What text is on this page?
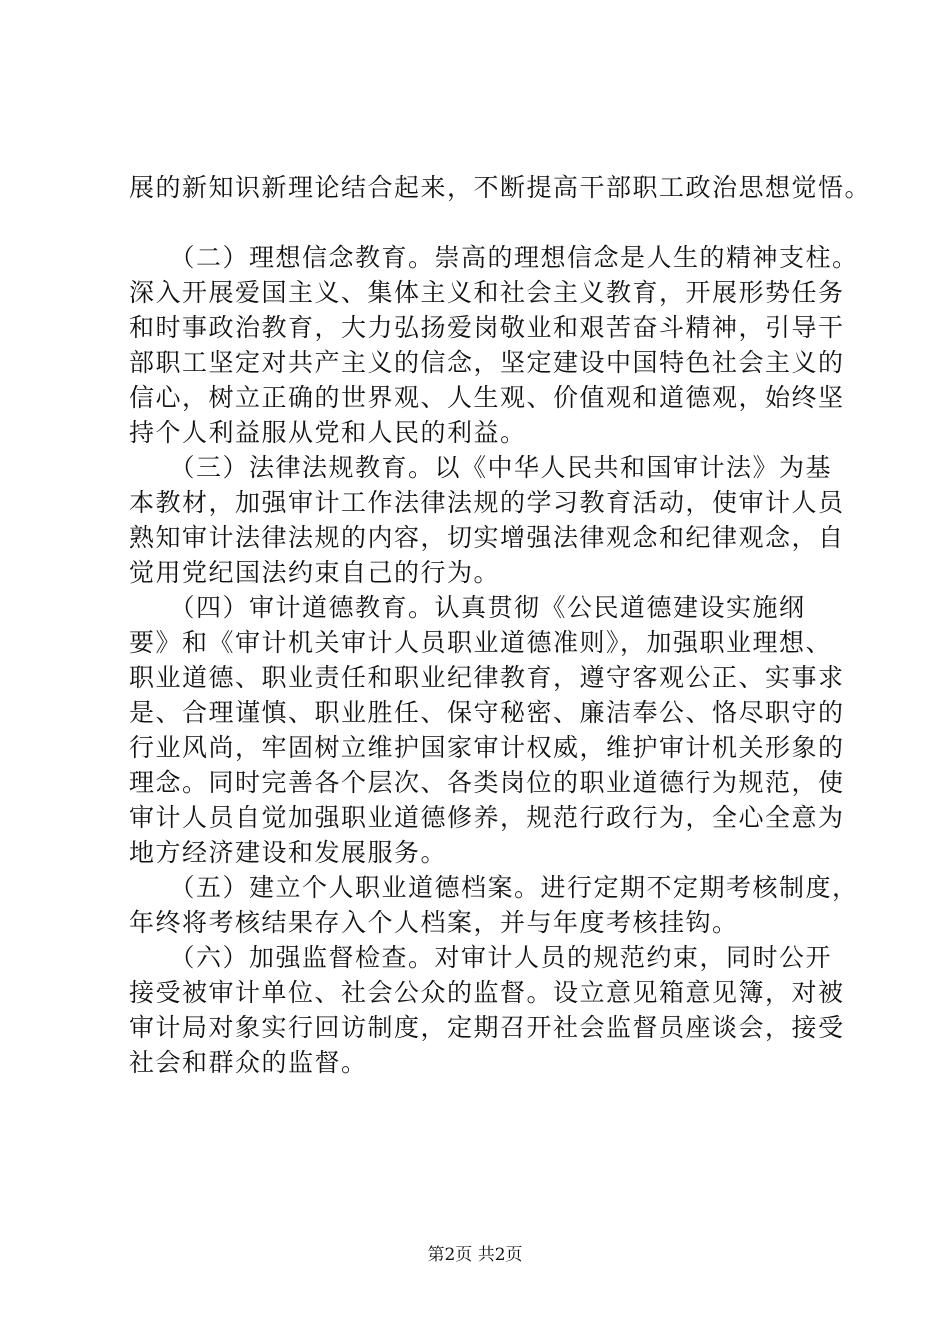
展的新知识新理论结合起来，不断提高干部职工政治思想觉悟。
　　（二）理想信念教育。崇高的理想信念是人生的精神支柱。
深入开展爱国主义、集体主义和社会主义教育，开展形势任务
和时事政治教育，大力弘扬爱岗敬业和艰苦奋斗精神，引导干
部职工坚定对共产主义的信念，坚定建设中国特色社会主义的
信心，树立正确的世界观、人生观、价值观和道德观，始终坚
持个人利益服从党和人民的利益。
　　（三）法律法规教育。以《中华人民共和国审计法》为基
本教材，加强审计工作法律法规的学习教育活动，使审计人员
熟知审计法律法规的内容，切实增强法律观念和纪律观念，自
觉用党纪国法约束自己的行为。
　　（四）审计道德教育。认真贯彻《公民道德建设实施纲
要》和《审计机关审计人员职业道德准则》，加强职业理想、
职业道德、职业责任和职业纪律教育，遵守客观公正、实事求
是、合理谨慎、职业胜任、保守秘密、廉洁奉公、恪尽职守的
行业风尚，牢固树立维护国家审计权威，维护审计机关形象的
理念。同时完善各个层次、各类岗位的职业道德行为规范，使
审计人员自觉加强职业道德修养，规范行政行为，全心全意为
地方经济建设和发展服务。
　　（五）建立个人职业道德档案。进行定期不定期考核制度，
年终将考核结果存入个人档案，并与年度考核挂钩。
　　（六）加强监督检查。对审计人员的规范约束，同时公开
接受被审计单位、社会公众的监督。设立意见箱意见簿，对被
审计局对象实行回访制度，定期召开社会监督员座谈会，接受
社会和群众的监督。
第2页 共2页
